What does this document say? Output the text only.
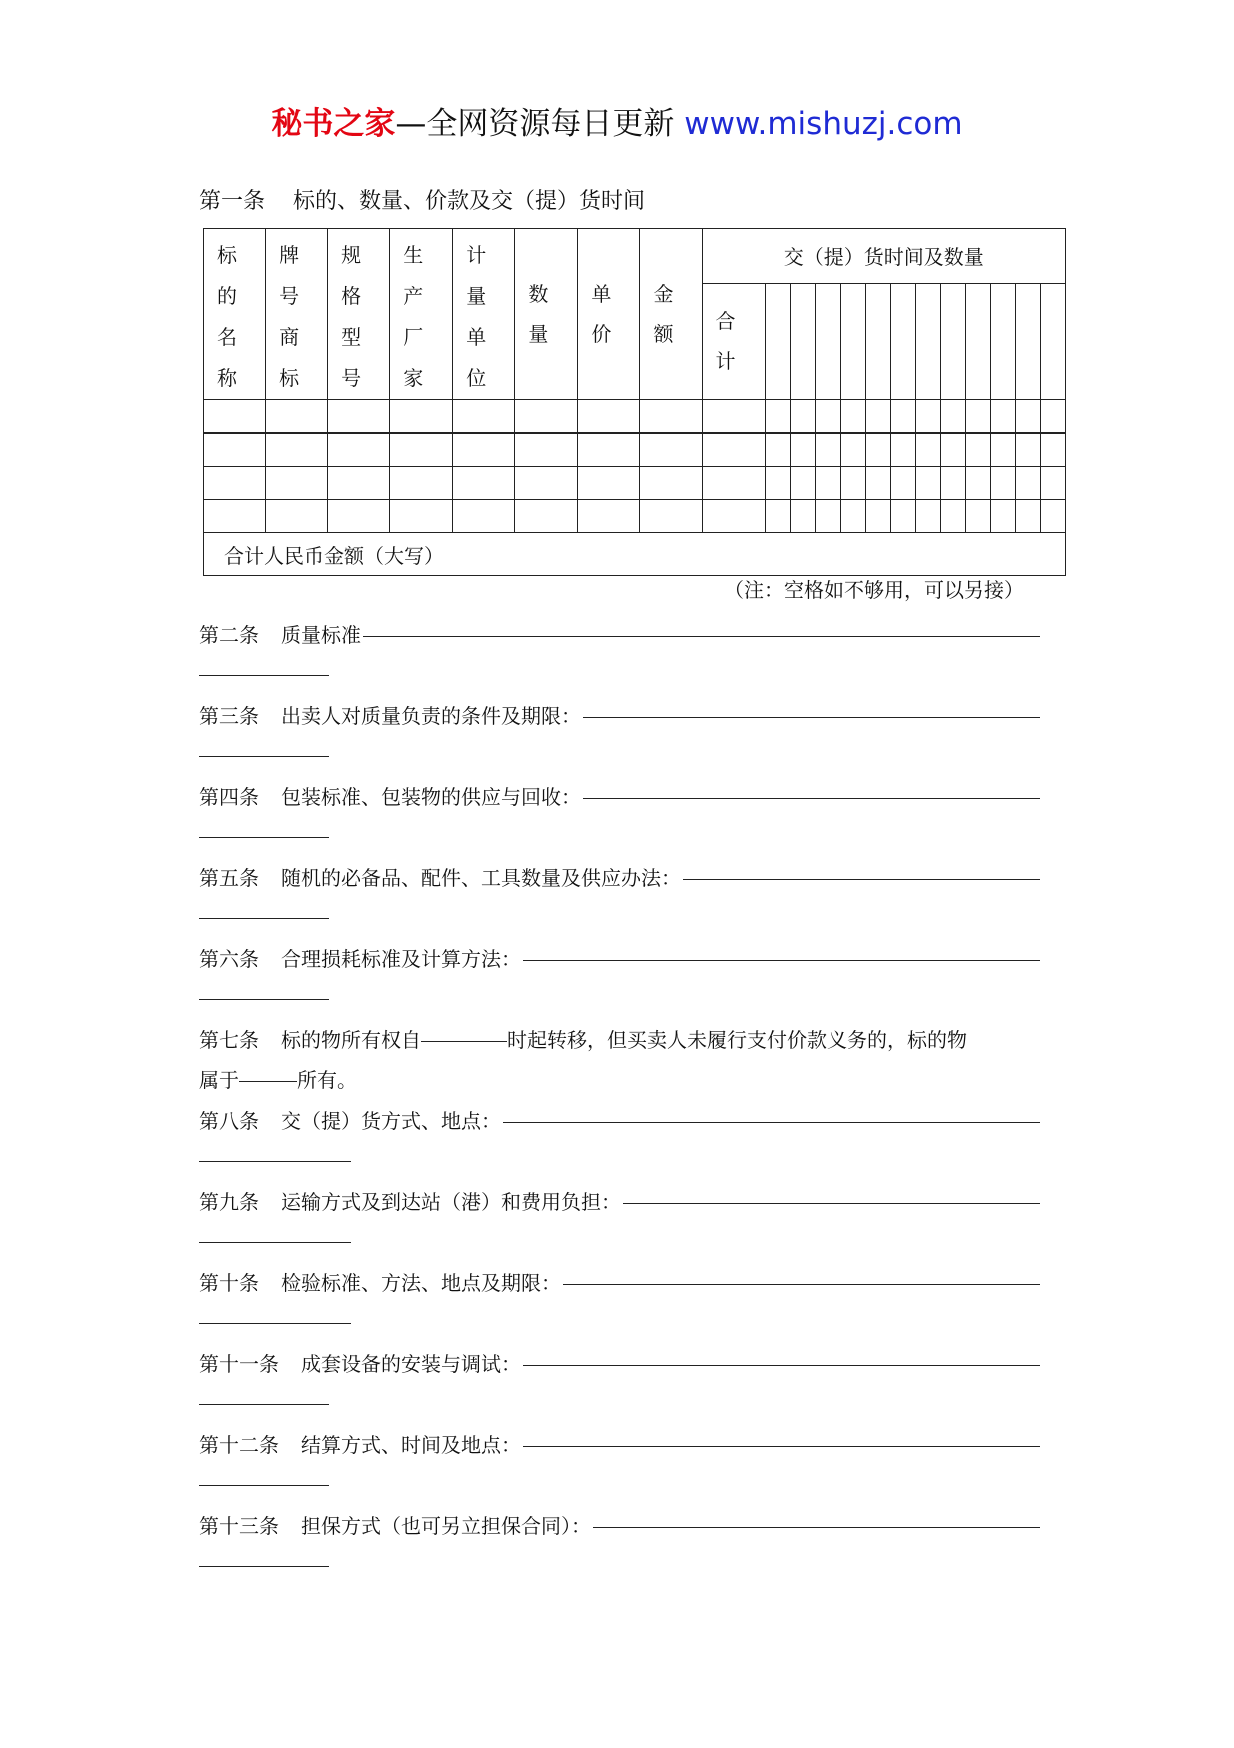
秘书之家—全网资源每日更新 www.mishuzj.com
第一条 标的、数量、价款及交（提）货时间
标的名称	牌号商标	规格型号	生产厂家	计量单位	数量	单价	金额	交（提）货时间及数量												

								合计												

合计人民币金额（大写）																				
（注：空格如不够用，可以另接）
第二条 质量标准
第三条 出卖人对质量负责的条件及期限：
第四条 包装标准、包装物的供应与回收：
第五条 随机的必备品、配件、工具数量及供应办法：
第六条 合理损耗标准及计算方法：
第七条 标的物所有权自	时起转移，但买卖人未履行支付价款义务的，标的物
属于	所有。
第八条 交（提）货方式、地点：
第九条 运输方式及到达站（港）和费用负担：
第十条 检验标准、方法、地点及期限：
第十一条 成套设备的安装与调试：
第十二条 结算方式、时间及地点：
第十三条 担保方式（也可另立担保合同）：
